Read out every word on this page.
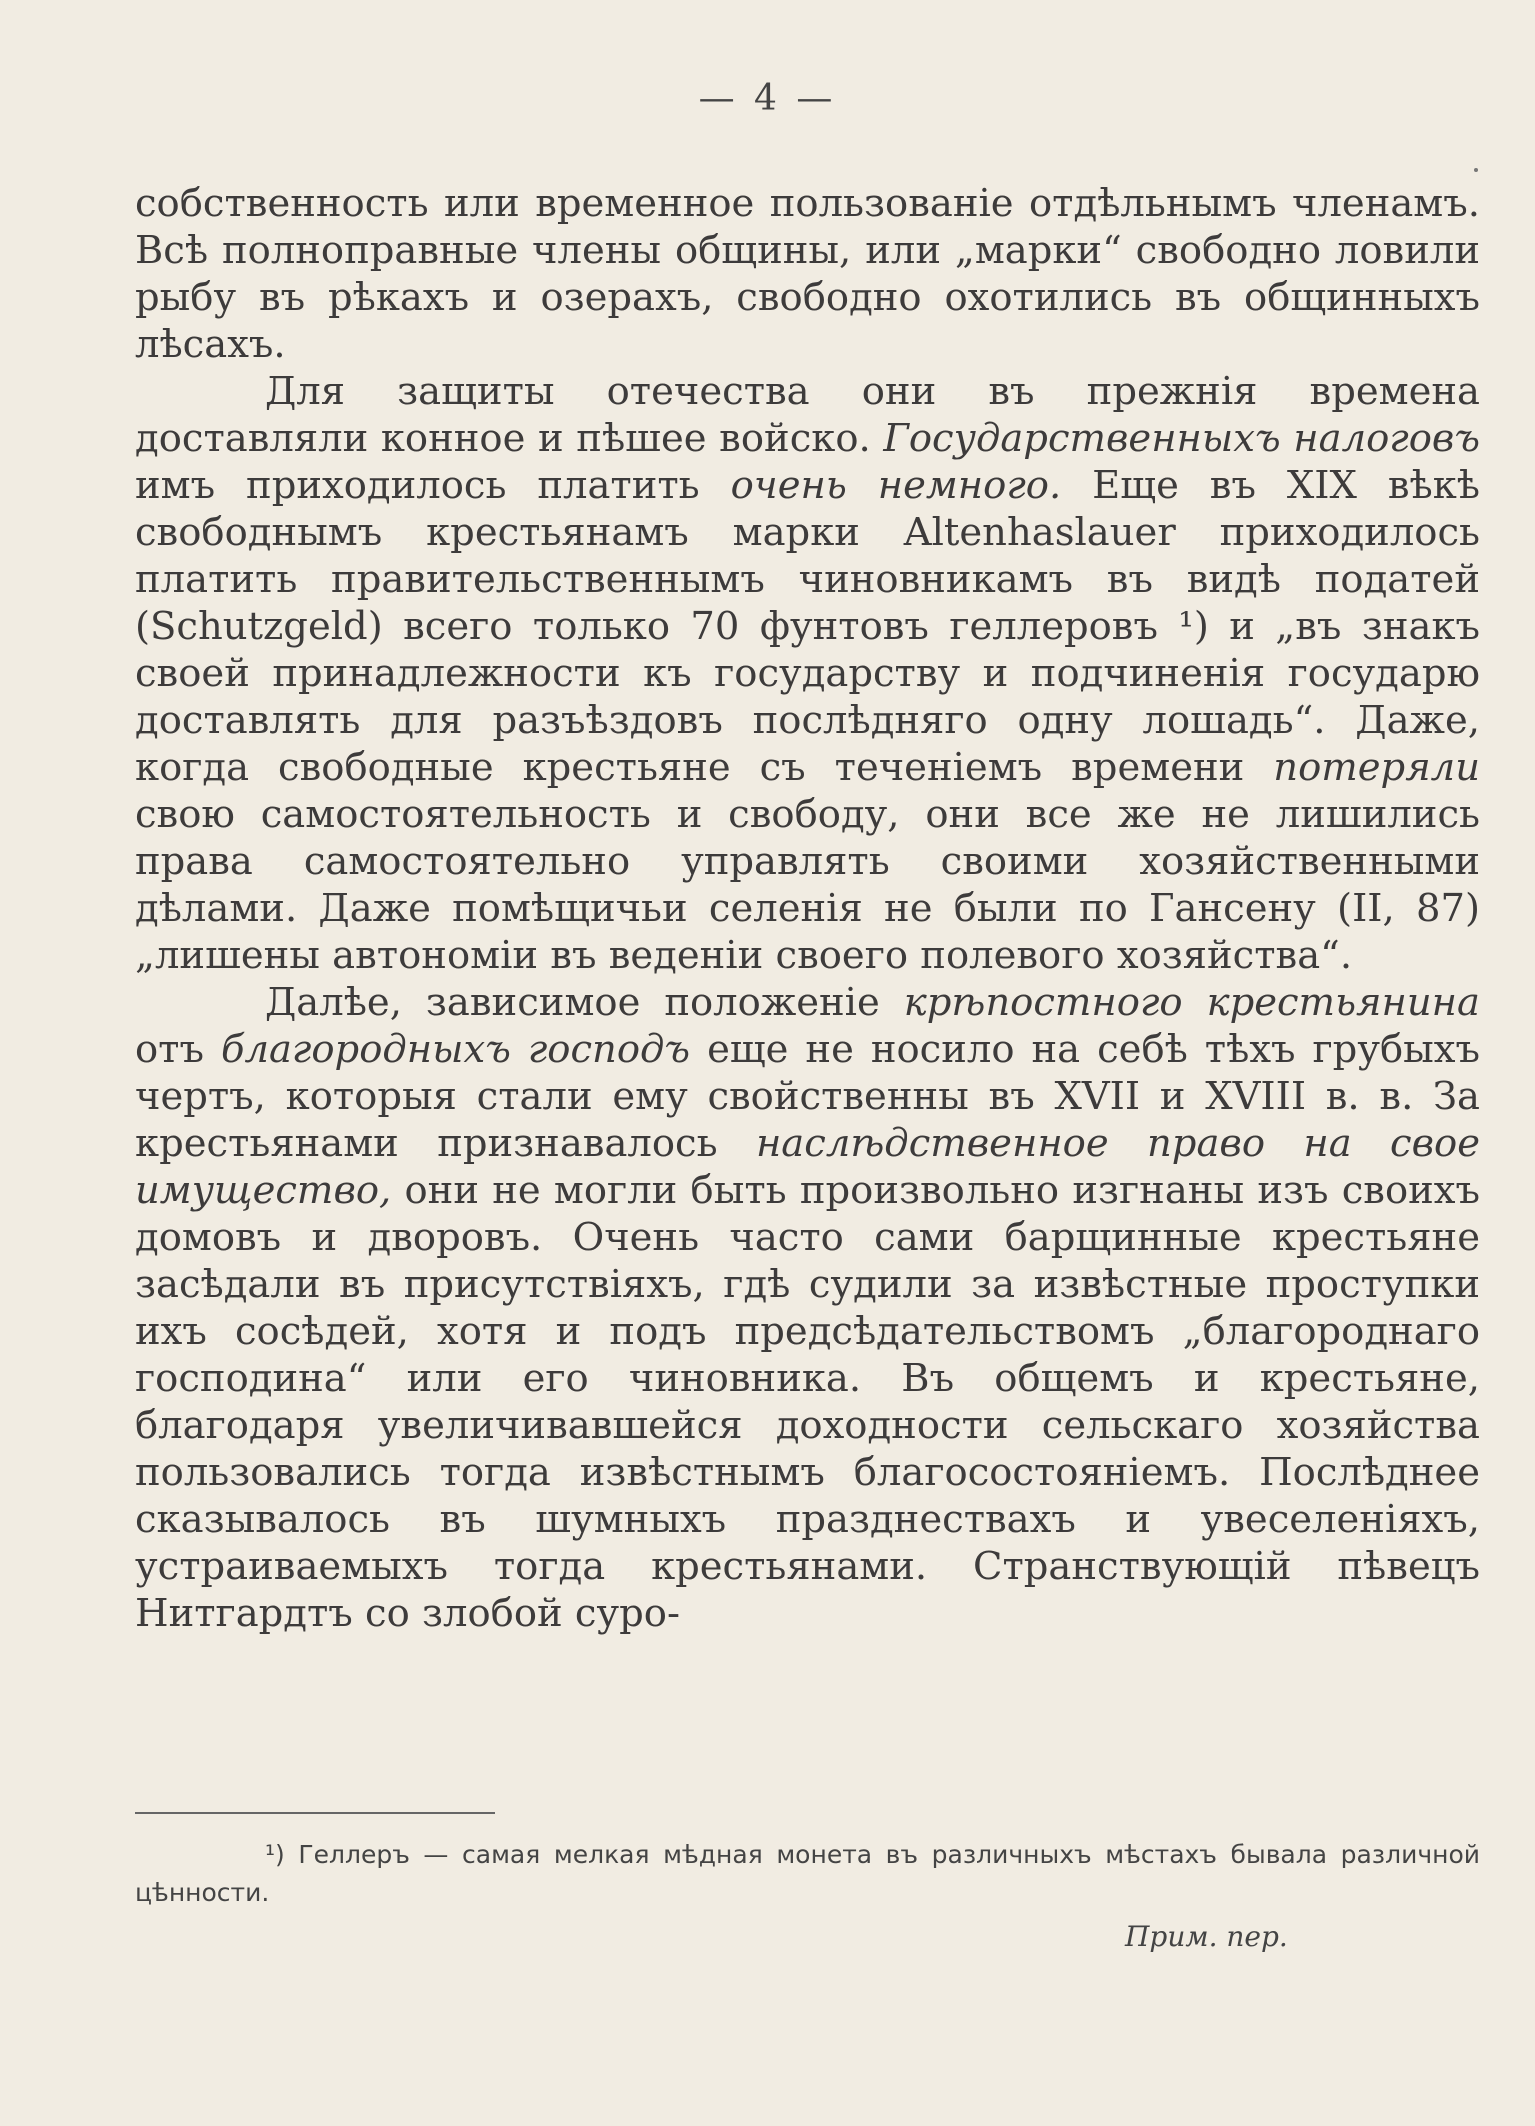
— 4 —

собственность или временное пользованіе отдѣльнымъ членамъ. Всѣ полноправные члены общины, или „марки“ свободно ловили рыбу въ рѣкахъ и озерахъ, свободно охотились въ общинныхъ лѣсахъ.

Для защиты отечества они въ прежнія времена доставляли конное и пѣшее войско. Государственныхъ налоговъ имъ приходилось платить очень немного. Еще въ XIX вѣкѣ свободнымъ крестьянамъ марки Altenhaslauer приходилось платить правительственнымъ чиновникамъ въ видѣ податей (Schutzgeld) всего только 70 фунтовъ геллеровъ ¹) и „въ знакъ своей принадлежности къ государству и подчиненія государю доставлять для разъѣздовъ послѣдняго одну лошадь“. Даже, когда свободные крестьяне съ теченіемъ времени потеряли свою самостоятельность и свободу, они все же не лишились права самостоятельно управлять своими хозяйственными дѣлами. Даже помѣщичьи селенія не были по Гансену (II, 87) „лишены автономіи въ веденіи своего полевого хозяйства“.

Далѣе, зависимое положеніе крѣпостного крестьянина отъ благородныхъ господъ еще не носило на себѣ тѣхъ грубыхъ чертъ, которыя стали ему свойственны въ XVII и XVIII в. в. За крестьянами признавалось наслѣдственное право на свое имущество, они не могли быть произвольно изгнаны изъ своихъ домовъ и дворовъ. Очень часто сами барщинные крестьяне засѣдали въ присутствіяхъ, гдѣ судили за извѣстные проступки ихъ сосѣдей, хотя и подъ предсѣдательствомъ „благороднаго господина“ или его чиновника. Въ общемъ и крестьяне, благодаря увеличивавшейся доходности сельскаго хозяйства пользовались тогда извѣстнымъ благосостояніемъ. Послѣднее сказывалось въ шумныхъ празднествахъ и увеселеніяхъ, устраиваемыхъ тогда крестьянами. Странствующій пѣвецъ Нитгардтъ со злобой суро-

¹) Геллеръ — самая мелкая мѣдная монета въ различныхъ мѣстахъ бывала различной цѣнности.
Прим. пер.
